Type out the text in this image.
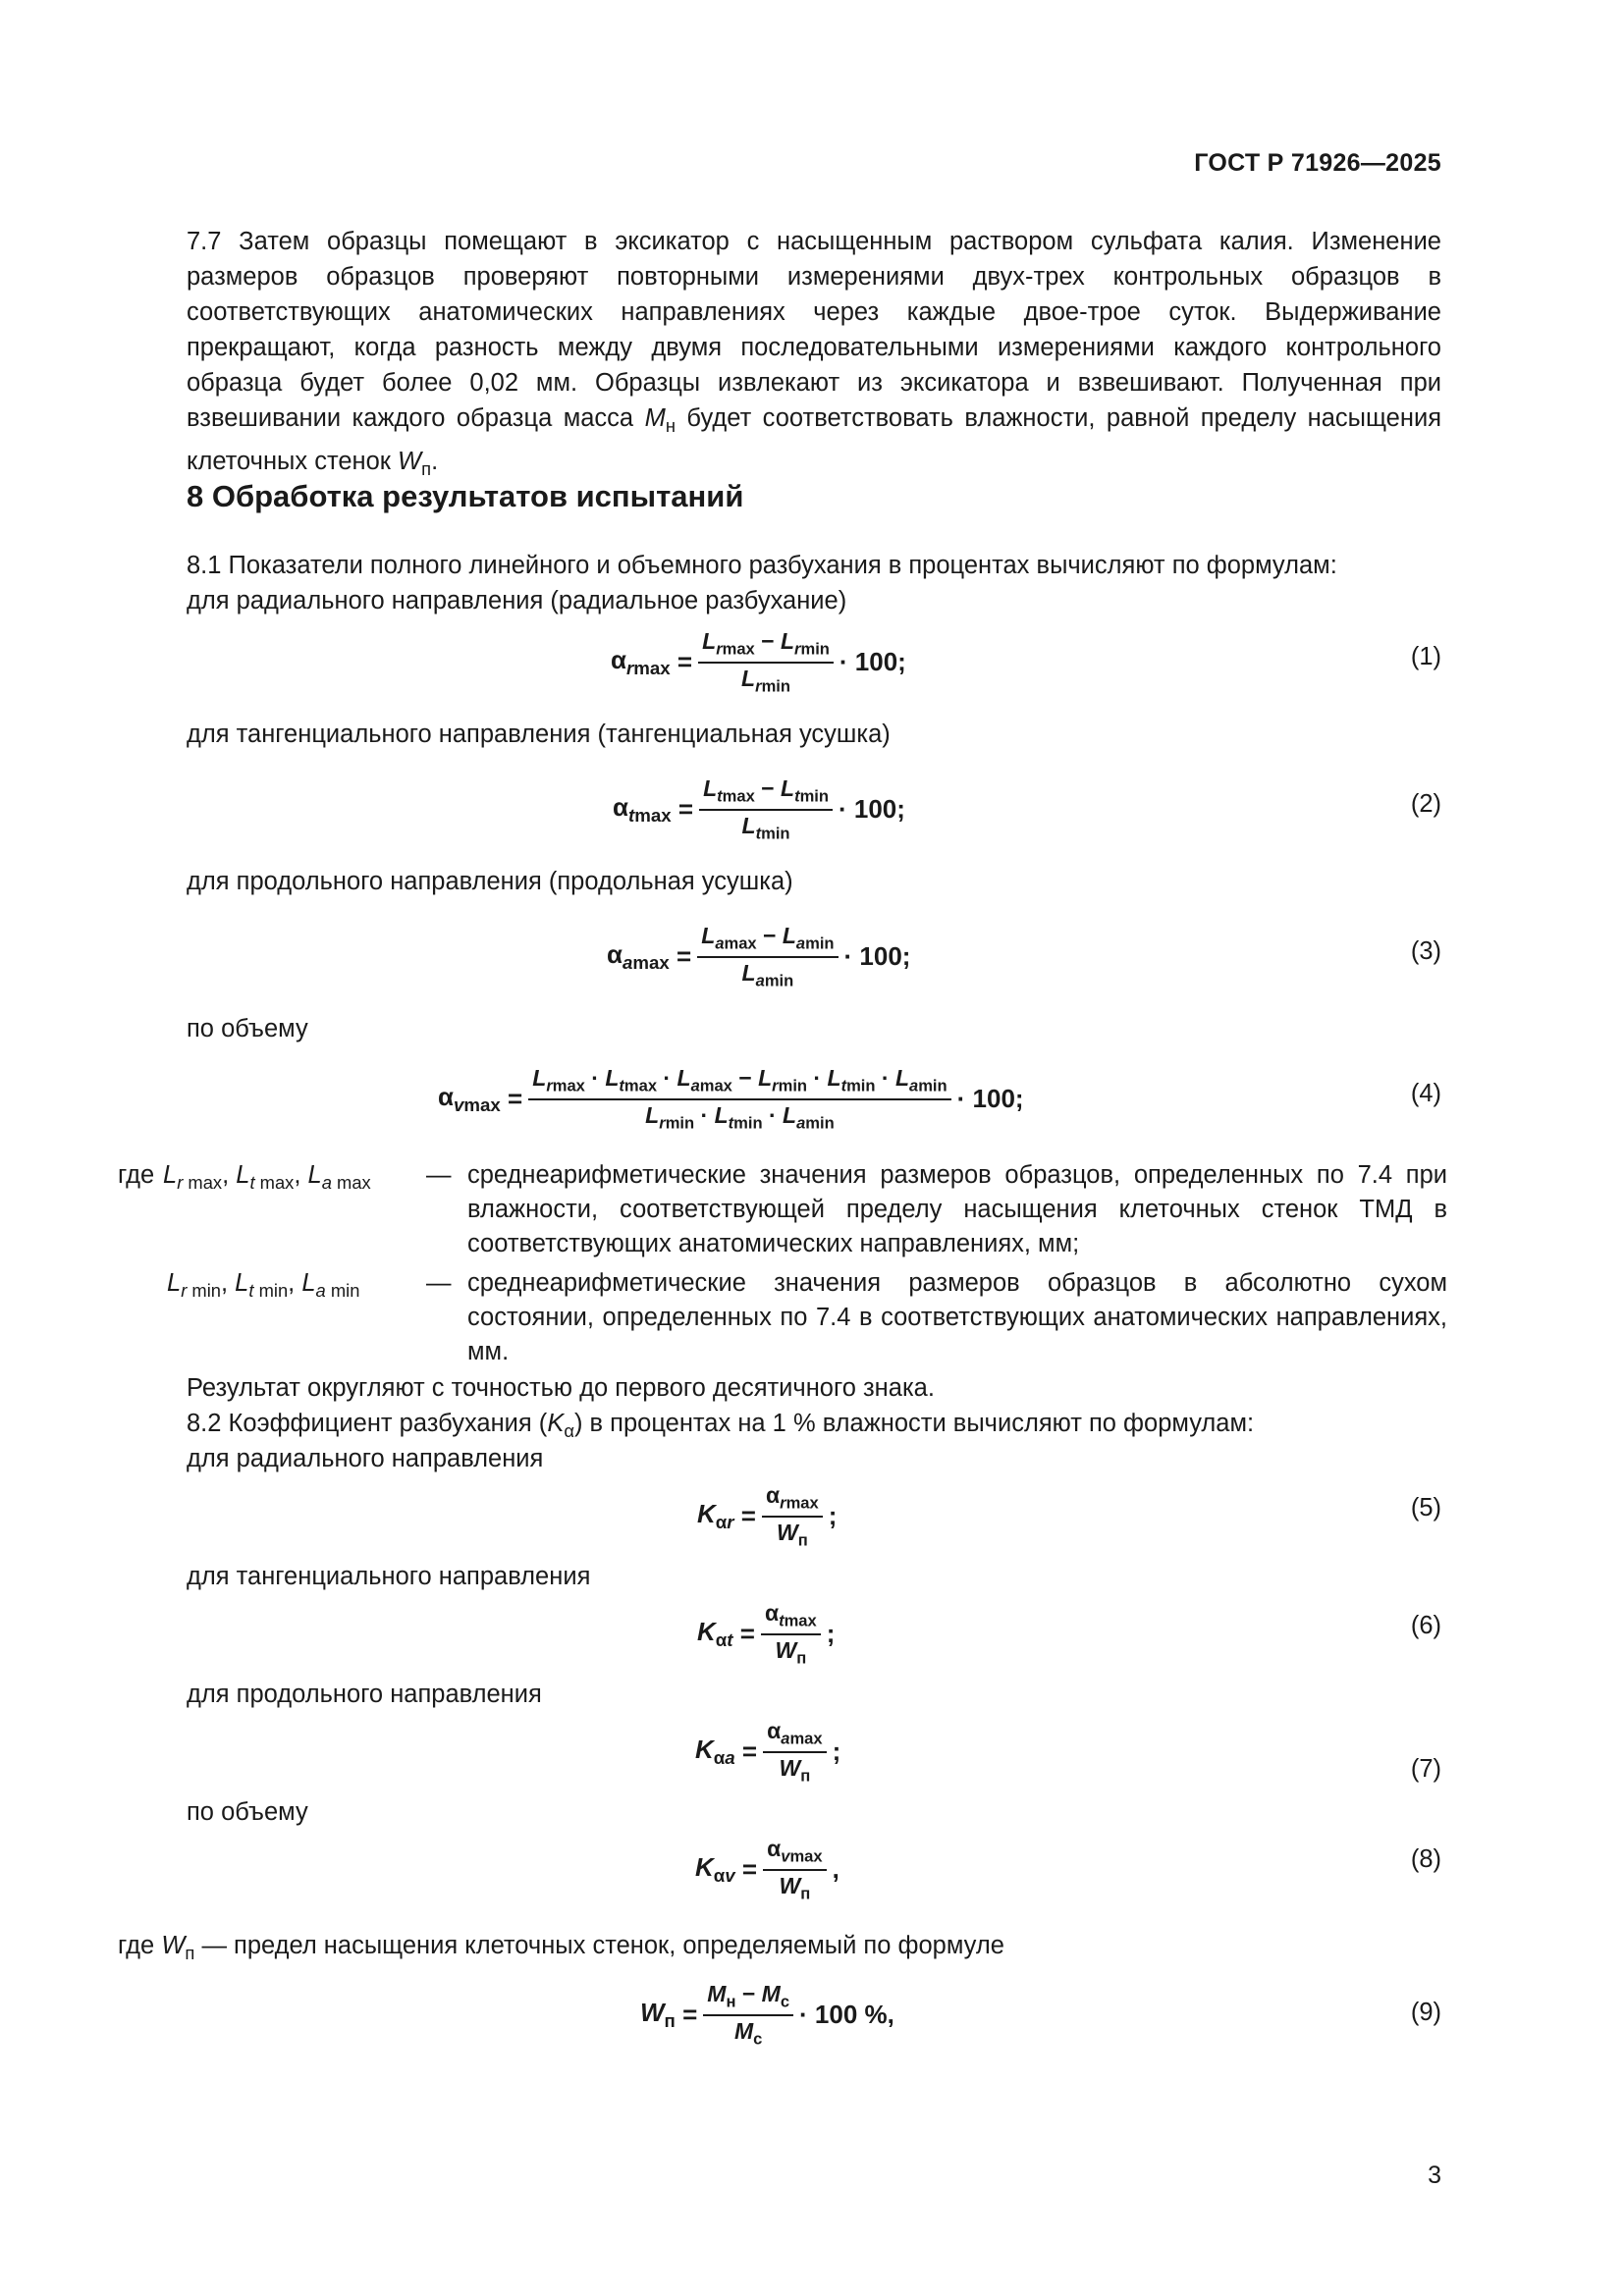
ГОСТ Р 71926—2025
7.7 Затем образцы помещают в эксикатор с насыщенным раствором сульфата калия. Изменение размеров образцов проверяют повторными измерениями двух-трех контрольных образцов в соответствующих анатомических направлениях через каждые двое-трое суток. Выдерживание прекращают, когда разность между двумя последовательными измерениями каждого контрольного образца будет более 0,02 мм. Образцы извлекают из эксикатора и взвешивают. Полученная при взвешивании каждого образца масса $M_н$ будет соответствовать влажности, равной пределу насыщения клеточных стенок $W_п$.
8 Обработка результатов испытаний
8.1 Показатели полного линейного и объемного разбухания в процентах вычисляют по формулам:
для радиального направления (радиальное разбухание)
$\alpha_{rmax} = \frac{L_{rmax} - L_{rmin}}{L_{rmin}} \cdot 100$;	(1)
для тангенциального направления (тангенциальная усушка)
$\alpha_{tmax} = \frac{L_{tmax} - L_{tmin}}{L_{tmin}} \cdot 100$;	(2)
для продольного направления (продольная усушка)
$\alpha_{amax} = \frac{L_{amax} - L_{amin}}{L_{amin}} \cdot 100$;	(3)
по объему
$\alpha_{vmax} = \frac{L_{rmax} \cdot L_{tmax} \cdot L_{amax} - L_{rmin} \cdot L_{tmin} \cdot L_{amin}}{L_{rmin} \cdot L_{tmin} \cdot L_{amin}} \cdot 100$;	(4)
где $L_r$ $_{max}$, $L_t$ $_{max}$, $L_a$ $_{max}$ — среднеарифметические значения размеров образцов, определенных по 7.4 при влажности, соответствующей пределу насыщения клеточных стенок ТМД в соответствующих анатомических направлениях, мм;
$L_r$ $_{min}$, $L_t$ $_{min}$, $L_a$ $_{min}$	— среднеарифметические значения размеров образцов в абсолютно сухом состоянии, определенных по 7.4 в соответствующих анатомических направлениях, мм.
Результат округляют с точностью до первого десятичного знака.
8.2 Коэффициент разбухания $(K_\alpha)$ в процентах на 1 % влажности вычисляют по формулам:
для радиального направления
$K_{\alpha r} = \frac{\alpha_{rmax}}{W_п}$ ;	(5)
для тангенциального направления
$K_{\alpha t} = \frac{\alpha_{tmax}}{W_п}$ ;	(6)
для продольного направления
$K_{\alpha a} = \frac{\alpha_{amax}}{W_п}$ ;
(7)
по объему
$K_{\alpha v} = \frac{\alpha_{vmax}}{W_п}$ ,	(8)
где $W_п$ — предел насыщения клеточных стенок, определяемый по формуле
$W_п = \frac{M_н - M_с}{M_с} \cdot 100$ %,	(9)
3
